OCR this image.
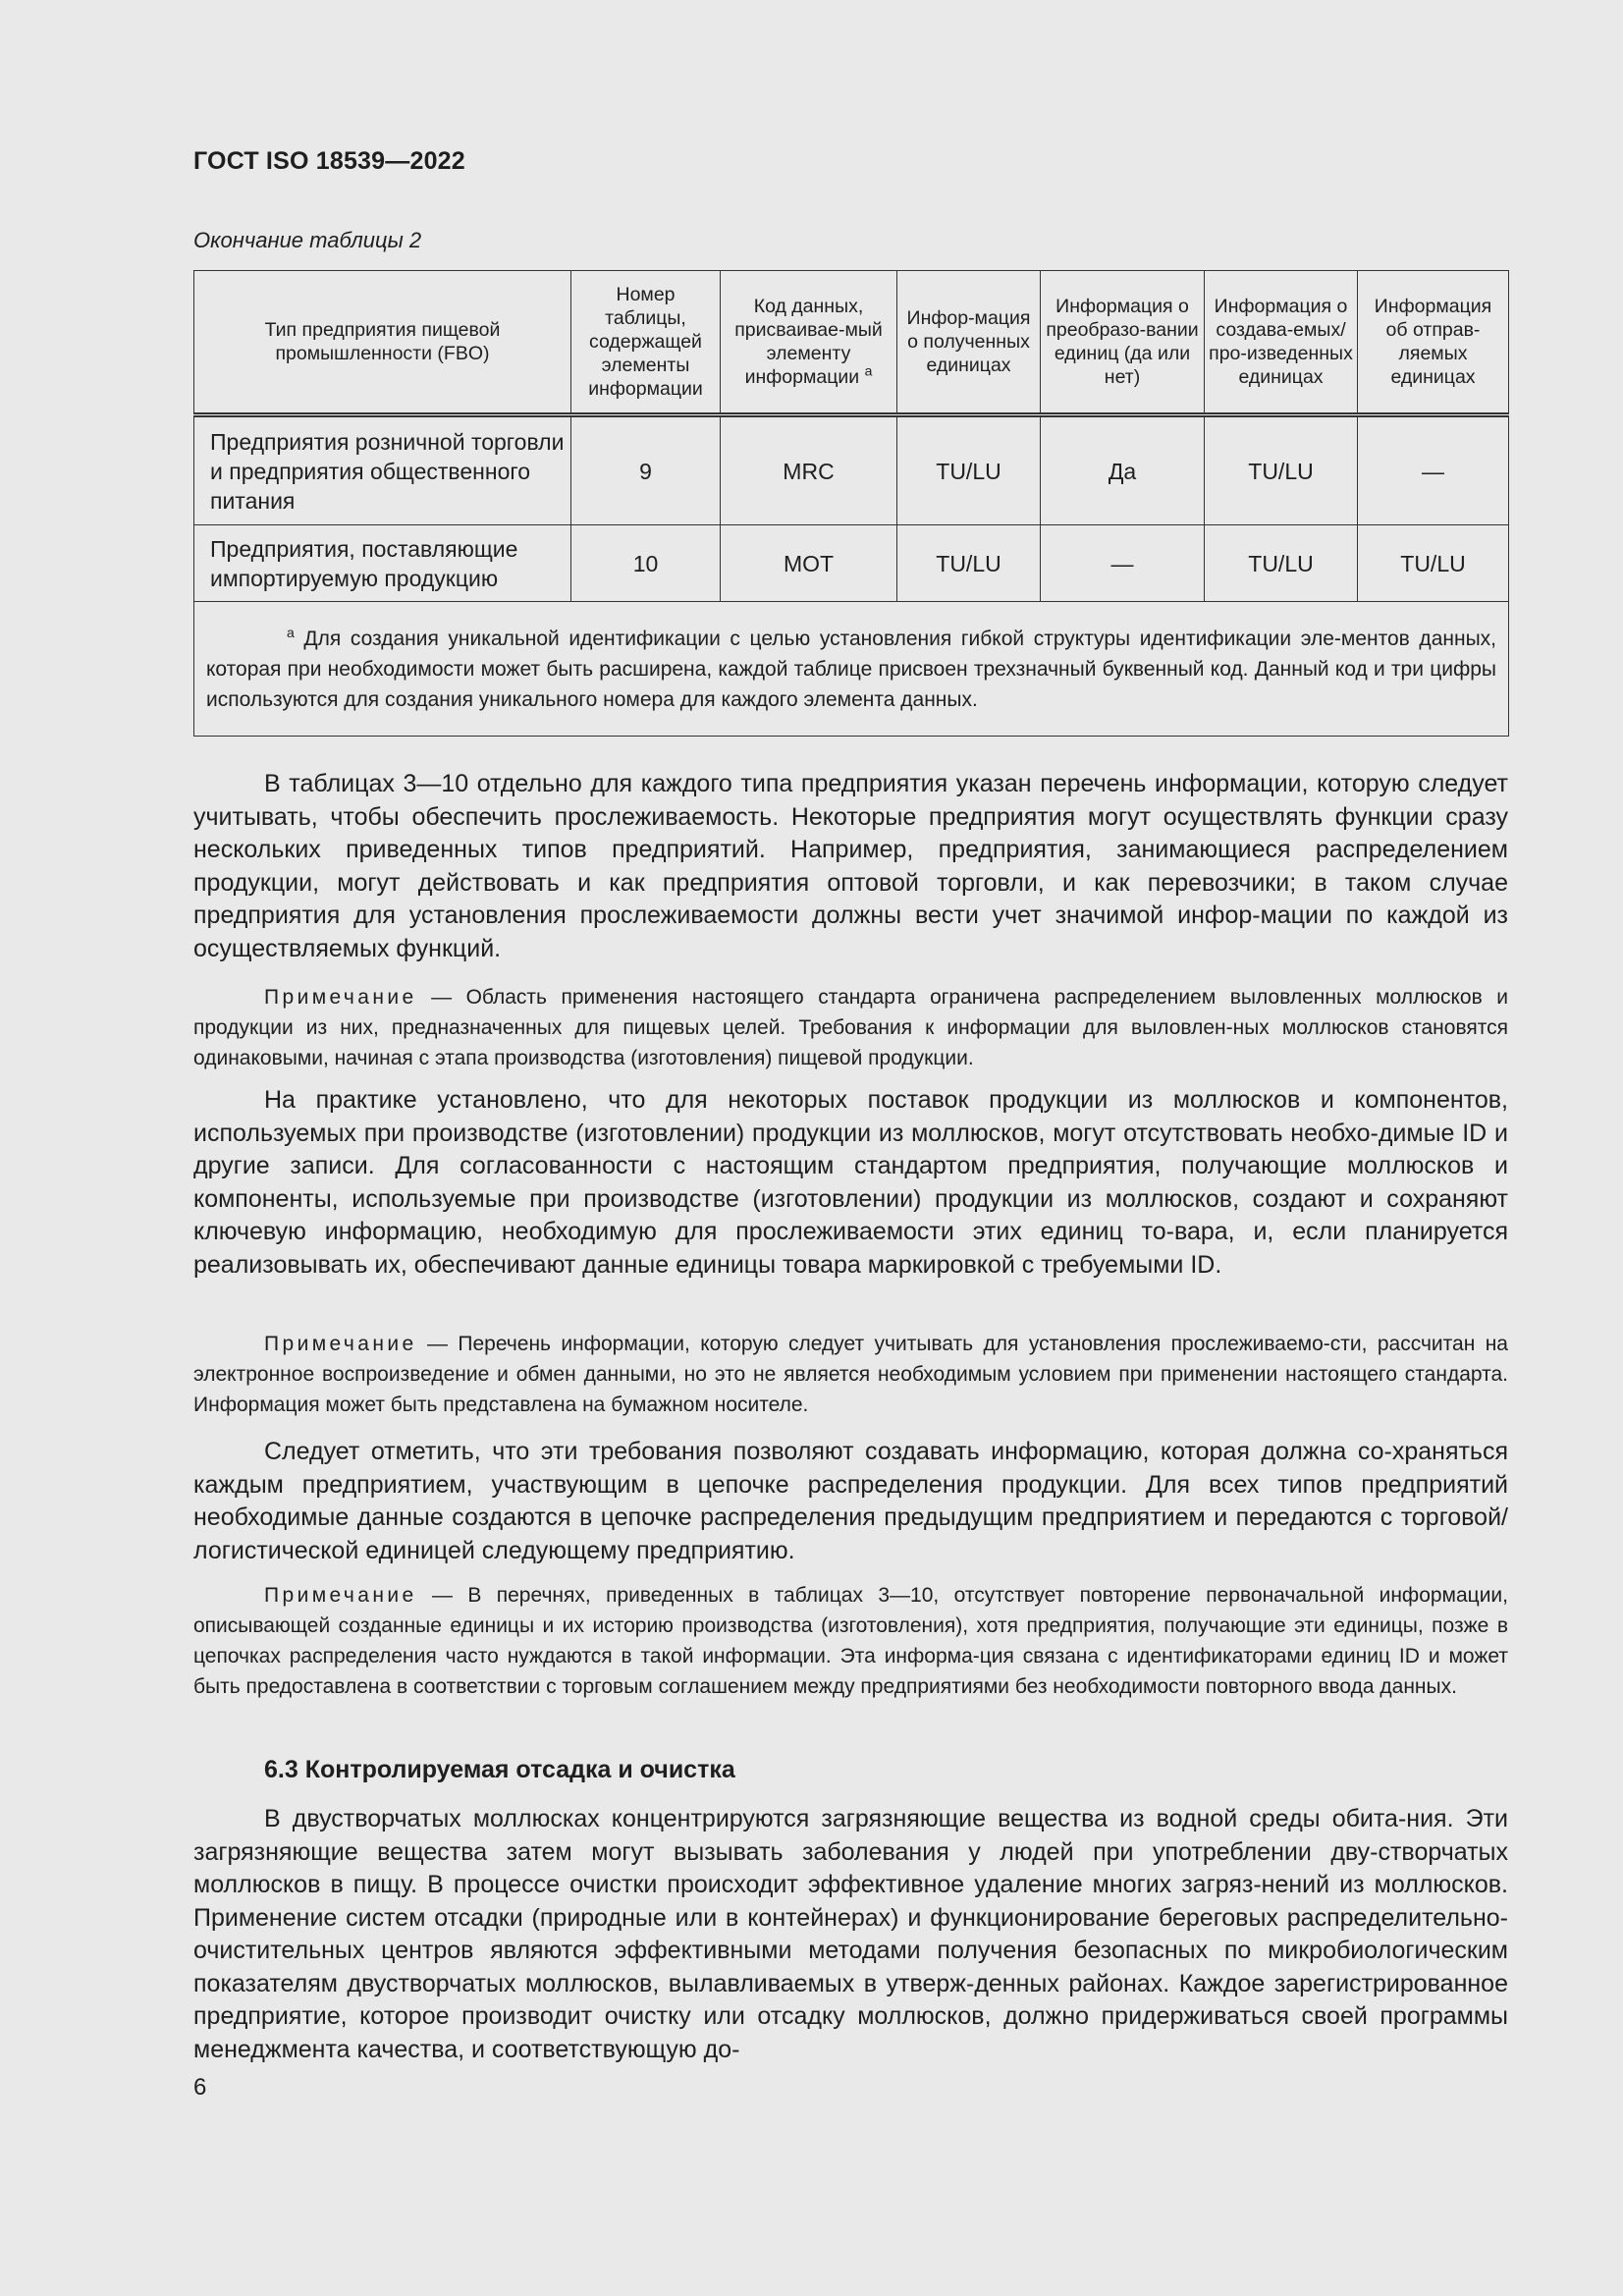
ГОСТ ISO 18539—2022
Окончание таблицы 2
Тип предприятия пищевой промышленности (FBO)	Номер таблицы, содержащей элементы информации	Код данных, присваивае-мый элементу информации $^a$	Инфор-мация о полученных единицах	Информация о преобразо-вании единиц (да или нет)	Информация о создава-емых/про-изведенных единицах	Информация об отправ-ляемых единицах
Предприятия розничной торговли и предприятия общественного питания	9	MRC	TU/LU	Да	TU/LU	—
Предприятия, поставляющие импортируемую продукцию	10	MOT	TU/LU	—	TU/LU	TU/LU
$^a$ Для создания уникальной идентификации с целью установления гибкой структуры идентификации эле-ментов данных, которая при необходимости может быть расширена, каждой таблице присвоен трехзначный буквенный код. Данный код и три цифры используются для создания уникального номера для каждого элемента данных.						

В таблицах 3—10 отдельно для каждого типа предприятия указан перечень информации, которую следует учитывать, чтобы обеспечить прослеживаемость. Некоторые предприятия могут осуществлять функции сразу нескольких приведенных типов предприятий. Например, предприятия, занимающиеся распределением продукции, могут действовать и как предприятия оптовой торговли, и как перевозчики; в таком случае предприятия для установления прослеживаемости должны вести учет значимой инфор-мации по каждой из осуществляемых функций.

Примечание — Область применения настоящего стандарта ограничена распределением выловленных моллюсков и продукции из них, предназначенных для пищевых целей. Требования к информации для выловлен-ных моллюсков становятся одинаковыми, начиная с этапа производства (изготовления) пищевой продукции.

На практике установлено, что для некоторых поставок продукции из моллюсков и компонентов, используемых при производстве (изготовлении) продукции из моллюсков, могут отсутствовать необхо-димые ID и другие записи. Для согласованности с настоящим стандартом предприятия, получающие моллюсков и компоненты, используемые при производстве (изготовлении) продукции из моллюсков, создают и сохраняют ключевую информацию, необходимую для прослеживаемости этих единиц то-вара, и, если планируется реализовывать их, обеспечивают данные единицы товара маркировкой с требуемыми ID.

Примечание — Перечень информации, которую следует учитывать для установления прослеживаемо-сти, рассчитан на электронное воспроизведение и обмен данными, но это не является необходимым условием при применении настоящего стандарта. Информация может быть представлена на бумажном носителе.

Следует отметить, что эти требования позволяют создавать информацию, которая должна со-храняться каждым предприятием, участвующим в цепочке распределения продукции. Для всех типов предприятий необходимые данные создаются в цепочке распределения предыдущим предприятием и передаются с торговой/логистической единицей следующему предприятию.

Примечание — В перечнях, приведенных в таблицах 3—10, отсутствует повторение первоначальной информации, описывающей созданные единицы и их историю производства (изготовления), хотя предприятия, получающие эти единицы, позже в цепочках распределения часто нуждаются в такой информации. Эта информа-ция связана с идентификаторами единиц ID и может быть предоставлена в соответствии с торговым соглашением между предприятиями без необходимости повторного ввода данных.

6.3 Контролируемая отсадка и очистка

В двустворчатых моллюсках концентрируются загрязняющие вещества из водной среды обита-ния. Эти загрязняющие вещества затем могут вызывать заболевания у людей при употреблении дву-створчатых моллюсков в пищу. В процессе очистки происходит эффективное удаление многих загряз-нений из моллюсков. Применение систем отсадки (природные или в контейнерах) и функционирование береговых распределительно-очистительных центров являются эффективными методами получения безопасных по микробиологическим показателям двустворчатых моллюсков, вылавливаемых в утверж-денных районах. Каждое зарегистрированное предприятие, которое производит очистку или отсадку моллюсков, должно придерживаться своей программы менеджмента качества, и соответствующую до-

6
